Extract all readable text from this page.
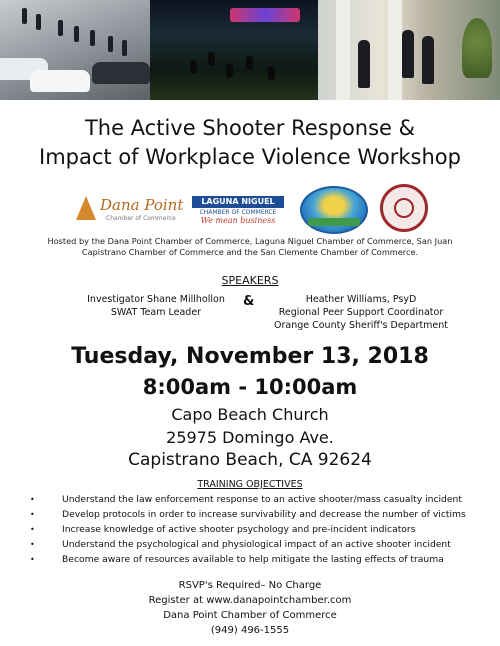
The Active Shooter Response &
Impact of Workplace Violence Workshop
Dana Point
Chamber of Commerce
LAGUNA NIGUEL
CHAMBER OF COMMERCE
We mean business
Hosted by the Dana Point Chamber of Commerce, Laguna Niguel Chamber of Commerce, San Juan
Capistrano Chamber of Commerce and the San Clemente Chamber of Commerce.
SPEAKERS
Investigator Shane Millhollon
SWAT Team Leader
&	Heather Williams, PsyD
Regional Peer Support Coordinator
Orange County Sheriff's Department
Tuesday, November 13, 2018
8:00am - 10:00am
Capo Beach Church
25975 Domingo Ave.
Capistrano Beach, CA 92624
TRAINING OBJECTIVES
•	Understand the law enforcement response to an active shooter/mass casualty incident
•	Develop protocols in order to increase survivability and decrease the number of victims
•	Increase knowledge of active shooter psychology and pre-incident indicators
•	Understand the psychological and physiological impact of an active shooter incident
•	Become aware of resources available to help mitigate the lasting effects of trauma
RSVP's Required– No Charge
Register at www.danapointchamber.com
Dana Point Chamber of Commerce
(949) 496-1555
